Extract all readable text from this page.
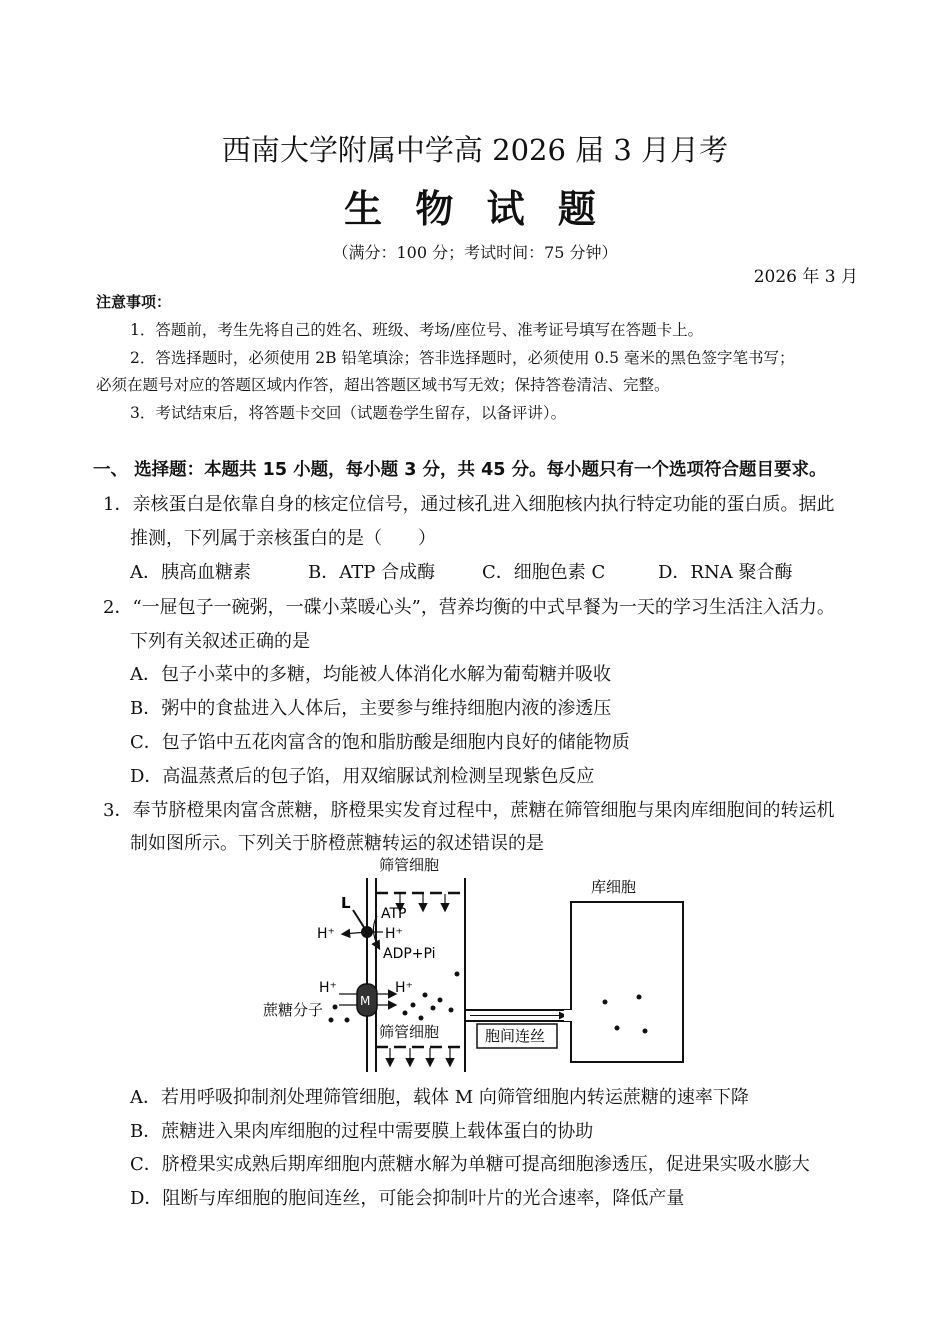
西南大学附属中学高 2026 届 3 月月考
生 物 试 题
（满分：100 分；考试时间：75 分钟）
2026 年 3 月
注意事项：
1．答题前，考生先将自己的姓名、班级、考场/座位号、准考证号填写在答题卡上。
2．答选择题时，必须使用 2B 铅笔填涂；答非选择题时，必须使用 0.5 毫米的黑色签字笔书写；
必须在题号对应的答题区域内作答，超出答题区域书写无效；保持答卷清洁、完整。
3．考试结束后，将答题卡交回（试题卷学生留存，以备评讲）。
一、 选择题：本题共 15 小题，每小题 3 分，共 45 分。每小题只有一个选项符合题目要求。
1．亲核蛋白是依靠自身的核定位信号，通过核孔进入细胞核内执行特定功能的蛋白质。据此
推测，下列属于亲核蛋白的是（　　）
A．胰高血糖素	B．ATP 合成酶	C．细胞色素 C	D．RNA 聚合酶
2．“一屉包子一碗粥，一碟小菜暖心头”，营养均衡的中式早餐为一天的学习生活注入活力。
下列有关叙述正确的是
A．包子小菜中的多糖，均能被人体消化水解为葡萄糖并吸收
B．粥中的食盐进入人体后，主要参与维持细胞内液的渗透压
C．包子馅中五花肉富含的饱和脂肪酸是细胞内良好的储能物质
D．高温蒸煮后的包子馅，用双缩脲试剂检测呈现紫色反应
3．奉节脐橙果肉富含蔗糖，脐橙果实发育过程中，蔗糖在筛管细胞与果肉库细胞间的转运机
制如图所示。下列关于脐橙蔗糖转运的叙述错误的是
筛管细胞
库细胞
L
ATP
H⁺	H⁺
ADP+Pi
H⁺	H⁺
M
蔗糖分子
筛管细胞	胞间连丝
A．若用呼吸抑制剂处理筛管细胞，载体 M 向筛管细胞内转运蔗糖的速率下降
B．蔗糖进入果肉库细胞的过程中需要膜上载体蛋白的协助
C．脐橙果实成熟后期库细胞内蔗糖水解为单糖可提高细胞渗透压，促进果实吸水膨大
D．阻断与库细胞的胞间连丝，可能会抑制叶片的光合速率，降低产量
